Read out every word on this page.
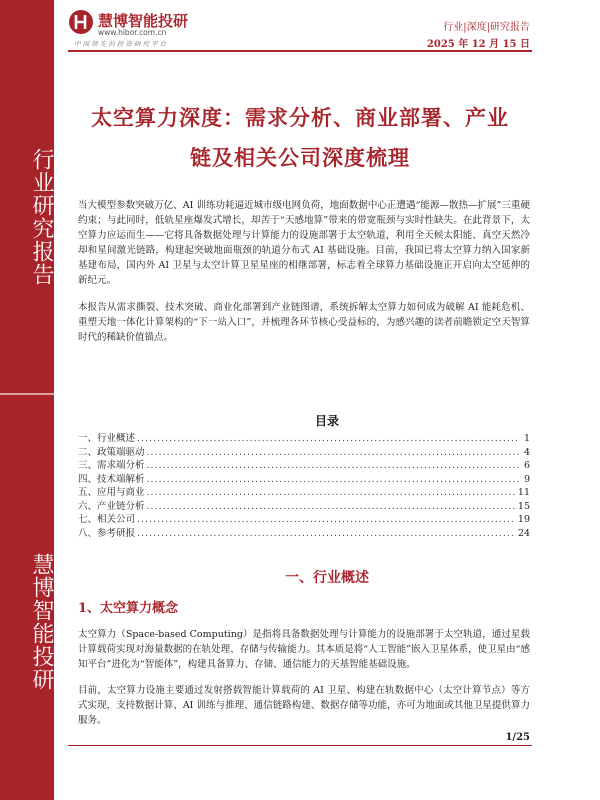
行业研究报告
慧博智能投研
慧博智能投研
www.hibor.com.cn
中 国 领 先 的 投 资 研 究 平 台
行业|深度|研究报告
2025 年 12 月 15 日
太空算力深度：需求分析、商业部署、产业
链及相关公司深度梳理

当大模型参数突破万亿、AI 训练功耗逼近城市级电网负荷，地面数据中心正遭遇“能源—散热—扩展”三重硬约束；与此同时，低轨星座爆发式增长，却苦于“天感地算”带来的带宽瓶颈与实时性缺失。在此背景下，太空算力应运而生——它将具备数据处理与计算能力的设施部署于太空轨道，利用全天候太阳能、真空天然冷却和星间激光链路，构建起突破地面瓶颈的轨道分布式 AI 基础设施。目前，我国已将太空算力纳入国家新基建布局，国内外 AI 卫星与太空计算卫星星座的相继部署，标志着全球算力基础设施正开启向太空延伸的新纪元。

本报告从需求撕裂、技术突破、商业化部署到产业链图谱，系统拆解太空算力如何成为破解 AI 能耗危机、重塑天地一体化计算架构的“下一站入口”，并梳理各环节核心受益标的，为感兴趣的读者前瞻锁定空天智算时代的稀缺价值锚点。

目录
一、行业概述 .....	1
二、政策端驱动 .....	4
三、需求端分析 .....	6
四、技术端解析 .....	9
五、应用与商业 .....	11
六、产业链分析 .....	15
七、相关公司 .....	19
八、参考研报 .....	24
一、行业概述
1、太空算力概念

太空算力（Space-based Computing）是指将具备数据处理与计算能力的设施部署于太空轨道，通过星载计算载荷实现对海量数据的在轨处理、存储与传输能力。其本质是将“人工智能”嵌入卫星体系，使卫星由“感知平台”进化为“智能体”，构建具备算力、存储、通信能力的天基智能基础设施。

目前，太空算力设施主要通过发射搭载智能计算载荷的 AI 卫星、构建在轨数据中心（太空计算节点）等方式实现，支持数据计算、AI 训练与推理、通信链路构建、数据存储等功能，亦可为地面或其他卫星提供算力服务。

1/25
